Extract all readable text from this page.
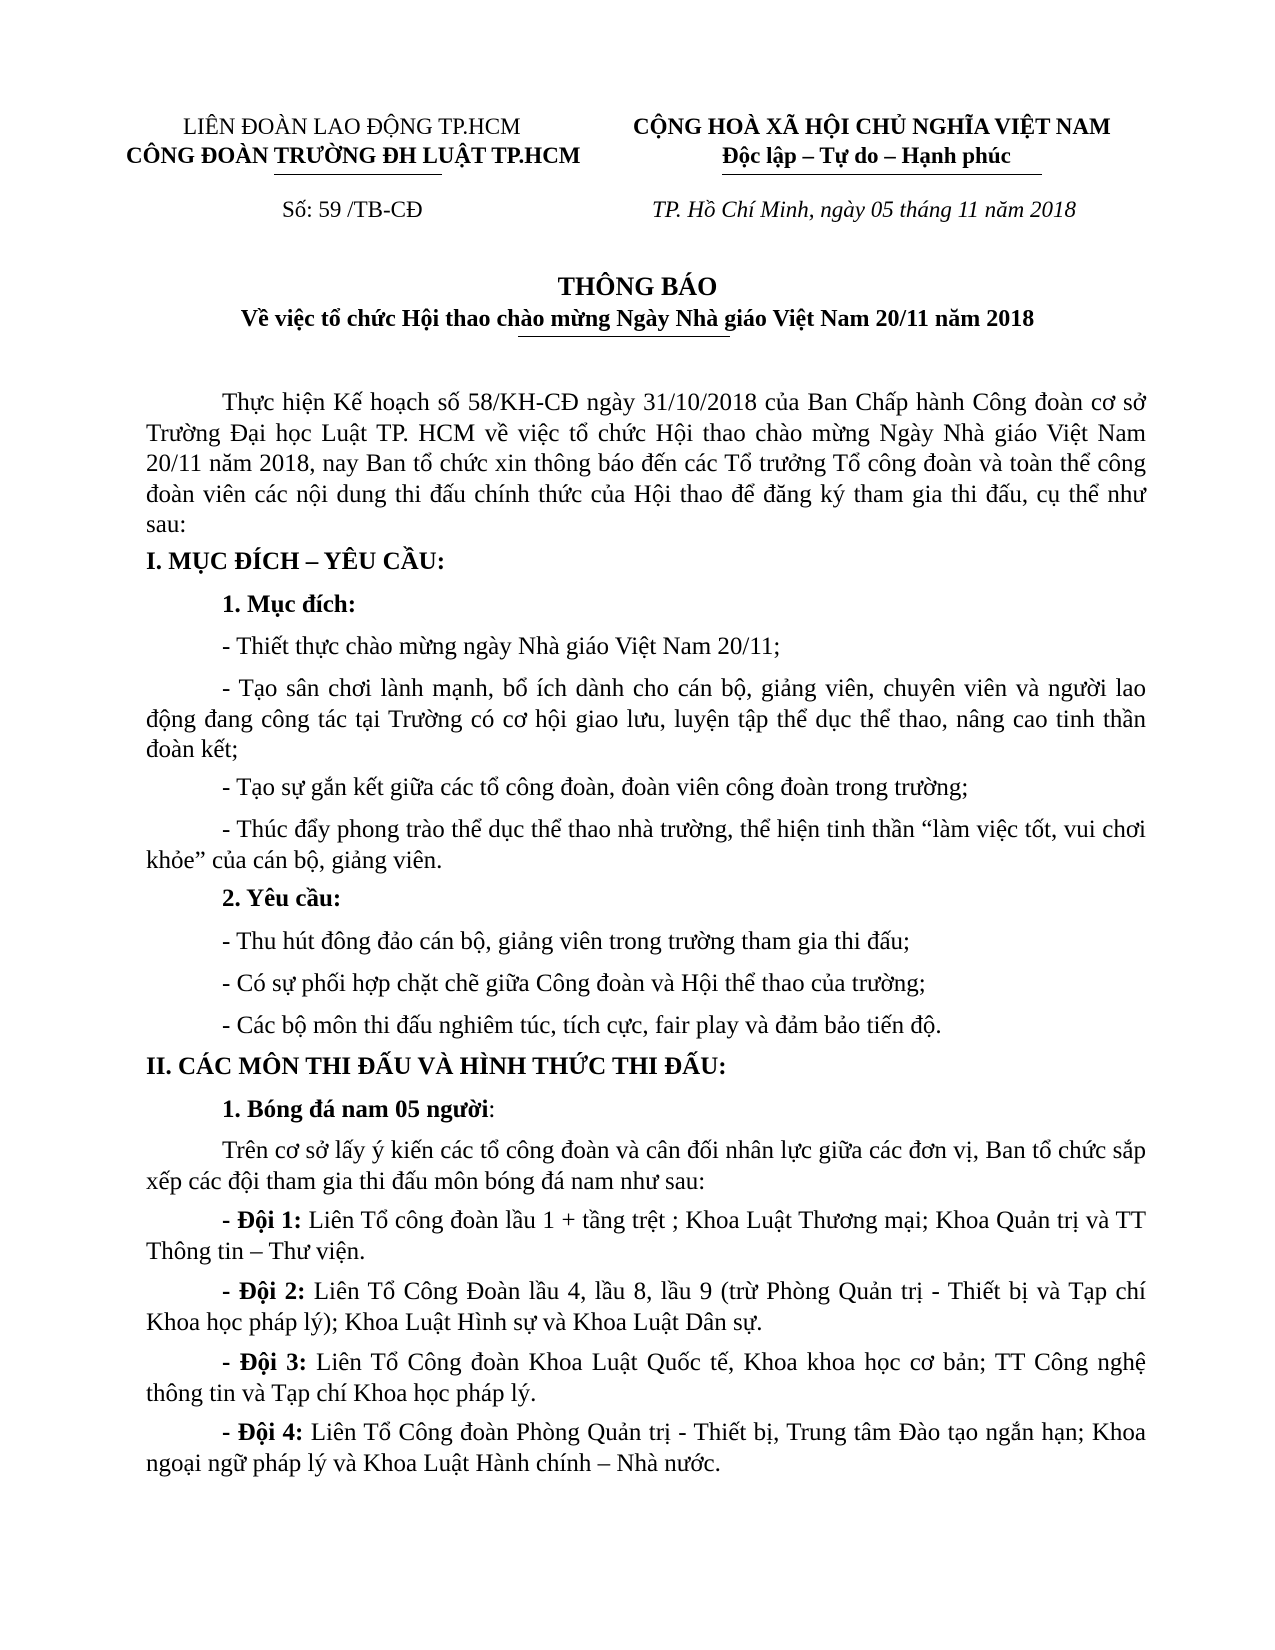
LIÊN ĐOÀN LAO ĐỘNG TP.HCM
CÔNG ĐOÀN TRƯỜNG ĐH LUẬT TP.HCM
CỘNG HOÀ XÃ HỘI CHỦ NGHĨA VIỆT NAM
Độc lập – Tự do – Hạnh phúc
Số: 59 /TB-CĐ	TP. Hồ Chí Minh, ngày 05 tháng 11 năm 2018
THÔNG BÁO
Về việc tổ chức Hội thao chào mừng Ngày Nhà giáo Việt Nam 20/11 năm 2018
Thực hiện Kế hoạch số 58/KH-CĐ ngày 31/10/2018 của Ban Chấp hành Công đoàn cơ sở Trường Đại học Luật TP. HCM về việc tổ chức Hội thao chào mừng Ngày Nhà giáo Việt Nam 20/11 năm 2018, nay Ban tổ chức xin thông báo đến các Tổ trưởng Tổ công đoàn và toàn thể công đoàn viên các nội dung thi đấu chính thức của Hội thao để đăng ký tham gia thi đấu, cụ thể như sau:
I. MỤC ĐÍCH – YÊU CẦU:
1. Mục đích:
- Thiết thực chào mừng ngày Nhà giáo Việt Nam 20/11;
- Tạo sân chơi lành mạnh, bổ ích dành cho cán bộ, giảng viên, chuyên viên và người lao động đang công tác tại Trường có cơ hội giao lưu, luyện tập thể dục thể thao, nâng cao tinh thần đoàn kết;
- Tạo sự gắn kết giữa các tổ công đoàn, đoàn viên công đoàn trong trường;
- Thúc đẩy phong trào thể dục thể thao nhà trường, thể hiện tinh thần “làm việc tốt, vui chơi khỏe” của cán bộ, giảng viên.
2. Yêu cầu:
- Thu hút đông đảo cán bộ, giảng viên trong trường tham gia thi đấu;
- Có sự phối hợp chặt chẽ giữa Công đoàn và Hội thể thao của trường;
- Các bộ môn thi đấu nghiêm túc, tích cực, fair play và đảm bảo tiến độ.
II. CÁC MÔN THI ĐẤU VÀ HÌNH THỨC THI ĐẤU:
1. Bóng đá nam 05 người:
Trên cơ sở lấy ý kiến các tổ công đoàn và cân đối nhân lực giữa các đơn vị, Ban tổ chức sắp xếp các đội tham gia thi đấu môn bóng đá nam như sau:
- Đội 1: Liên Tổ công đoàn lầu 1 + tầng trệt ; Khoa Luật Thương mại; Khoa Quản trị và TT Thông tin – Thư viện.
- Đội 2: Liên Tổ Công Đoàn lầu 4, lầu 8, lầu 9 (trừ Phòng Quản trị - Thiết bị và Tạp chí Khoa học pháp lý); Khoa Luật Hình sự và Khoa Luật Dân sự.
- Đội 3: Liên Tổ Công đoàn Khoa Luật Quốc tế, Khoa khoa học cơ bản; TT Công nghệ thông tin và Tạp chí Khoa học pháp lý.
- Đội 4: Liên Tổ Công đoàn Phòng Quản trị - Thiết bị, Trung tâm Đào tạo ngắn hạn; Khoa ngoại ngữ pháp lý và Khoa Luật Hành chính – Nhà nước.
